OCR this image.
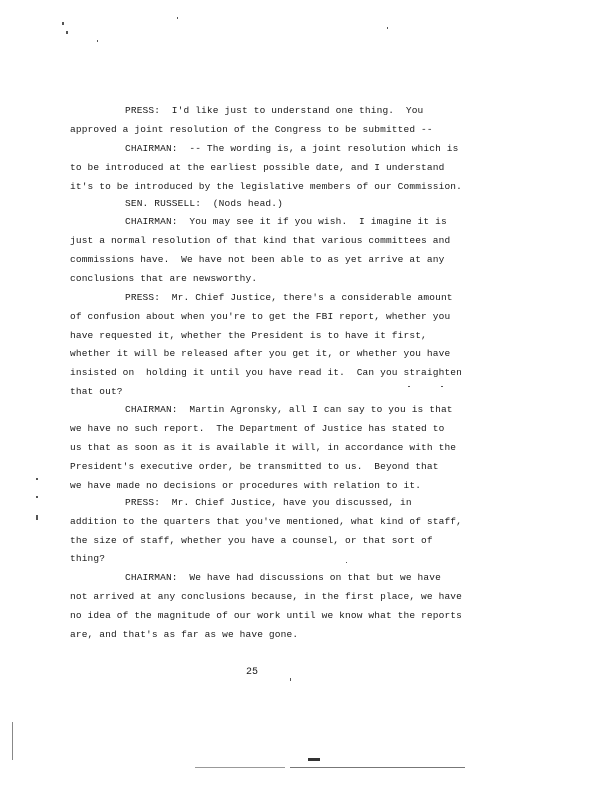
PRESS:  I'd like just to understand one thing.  You
approved a joint resolution of the Congress to be submitted --
CHAIRMAN:  -- The wording is, a joint resolution which is
to be introduced at the earliest possible date, and I understand
it's to be introduced by the legislative members of our Commission.
SEN. RUSSELL:  (Nods head.)
CHAIRMAN:  You may see it if you wish.  I imagine it is
just a normal resolution of that kind that various committees and
commissions have.  We have not been able to as yet arrive at any
conclusions that are newsworthy.
PRESS:  Mr. Chief Justice, there's a considerable amount
of confusion about when you're to get the FBI report, whether you
have requested it, whether the President is to have it first,
whether it will be released after you get it, or whether you have
insisted on  holding it until you have read it.  Can you straighten
that out?
CHAIRMAN:  Martin Agronsky, all I can say to you is that
we have no such report.  The Department of Justice has stated to
us that as soon as it is available it will, in accordance with the
President's executive order, be transmitted to us.  Beyond that
we have made no decisions or procedures with relation to it.
PRESS:  Mr. Chief Justice, have you discussed, in
addition to the quarters that you've mentioned, what kind of staff,
the size of staff, whether you have a counsel, or that sort of
thing?
CHAIRMAN:  We have had discussions on that but we have
not arrived at any conclusions because, in the first place, we have
no idea of the magnitude of our work until we know what the reports
are, and that's as far as we have gone.
25
